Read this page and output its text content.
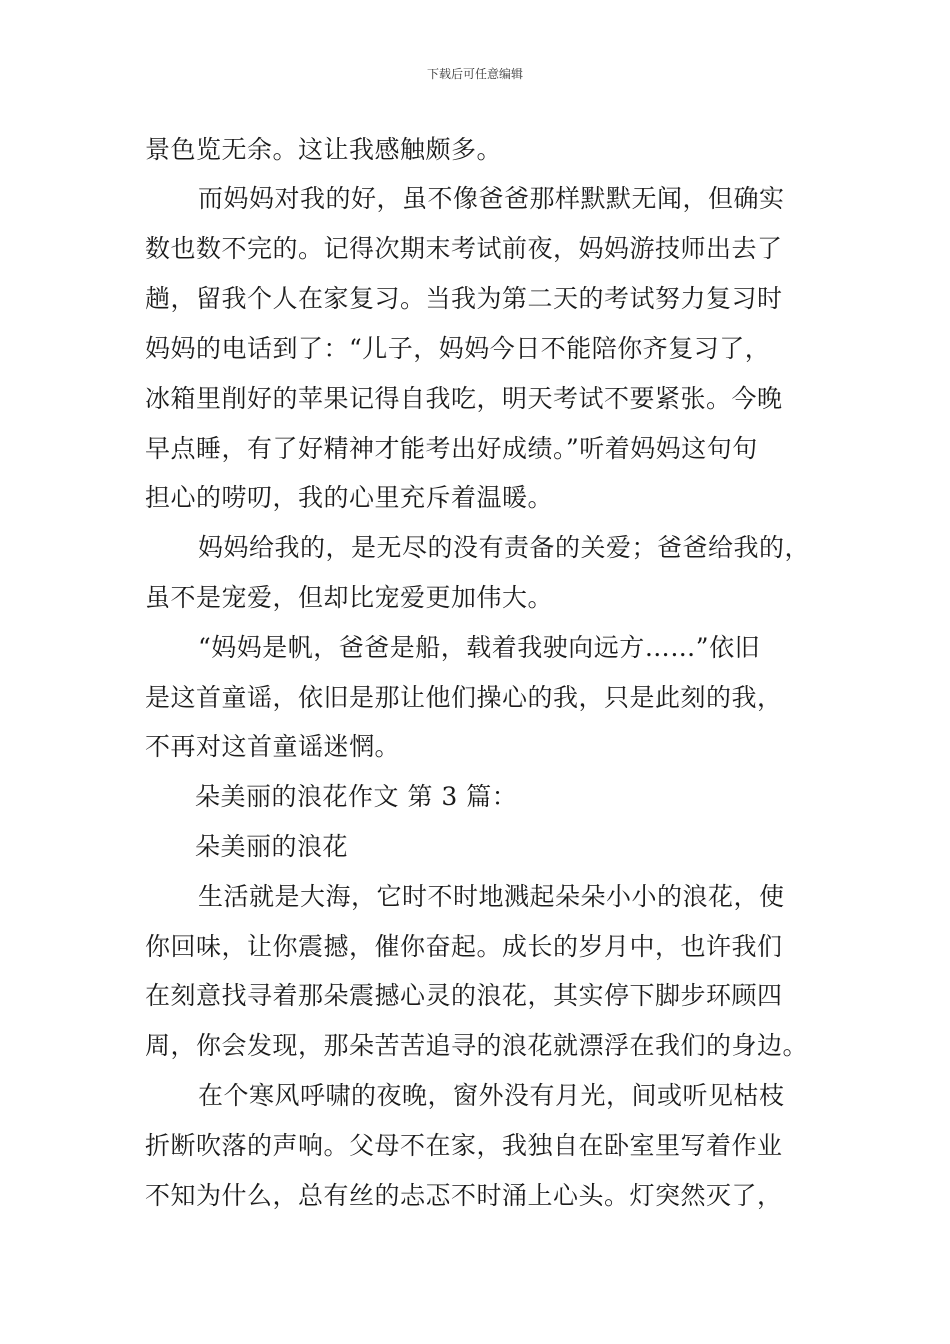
下载后可任意编辑
景色览无余。这让我感触颇多。
而妈妈对我的好，虽不像爸爸那样默默无闻，但确实
数也数不完的。记得次期末考试前夜，妈妈游技师出去了
趟，留我个人在家复习。当我为第二天的考试努力复习时
妈妈的电话到了：“儿子，妈妈今日不能陪你齐复习了，
冰箱里削好的苹果记得自我吃，明天考试不要紧张。今晚
早点睡，有了好精神才能考出好成绩。”听着妈妈这句句
担心的唠叨，我的心里充斥着温暖。
妈妈给我的，是无尽的没有责备的关爱；爸爸给我的，
虽不是宠爱，但却比宠爱更加伟大。
“妈妈是帆，爸爸是船，载着我驶向远方……”依旧
是这首童谣，依旧是那让他们操心的我，只是此刻的我，
不再对这首童谣迷惘。
朵美丽的浪花作文 第 3 篇：
朵美丽的浪花
生活就是大海，它时不时地溅起朵朵小小的浪花，使
你回味，让你震撼，催你奋起。成长的岁月中，也许我们
在刻意找寻着那朵震撼心灵的浪花，其实停下脚步环顾四
周，你会发现，那朵苦苦追寻的浪花就漂浮在我们的身边。
在个寒风呼啸的夜晚，窗外没有月光，间或听见枯枝
折断吹落的声响。父母不在家，我独自在卧室里写着作业
不知为什么，总有丝的忐忑不时涌上心头。灯突然灭了，
